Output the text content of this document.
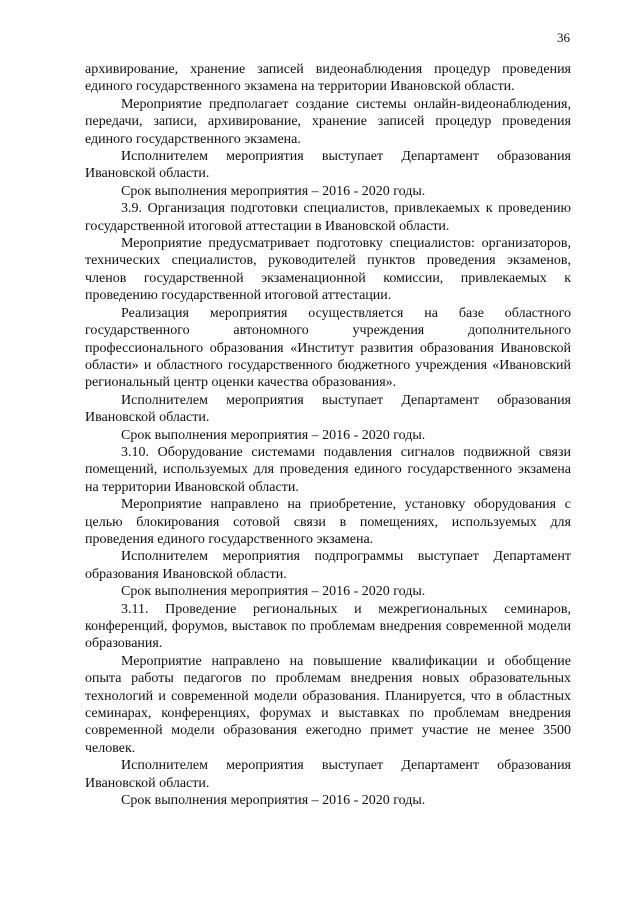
36

архивирование, хранение записей видеонаблюдения процедур проведения единого государственного экзамена на территории Ивановской области.

Мероприятие предполагает создание системы онлайн-видеонаблюдения, передачи, записи, архивирование, хранение записей процедур проведения единого государственного экзамена.

Исполнителем мероприятия выступает Департамент образования Ивановской области.

Срок выполнения мероприятия – 2016 - 2020 годы.

3.9. Организация подготовки специалистов, привлекаемых к проведению государственной итоговой аттестации в Ивановской области.

Мероприятие предусматривает подготовку специалистов: организаторов, технических специалистов, руководителей пунктов проведения экзаменов, членов государственной экзаменационной комиссии, привлекаемых к проведению государственной итоговой аттестации.

Реализация мероприятия осуществляется на базе областного государственного автономного учреждения дополнительного профессионального образования «Институт развития образования Ивановской области» и областного государственного бюджетного учреждения «Ивановский региональный центр оценки качества образования».

Исполнителем мероприятия выступает Департамент образования Ивановской области.

Срок выполнения мероприятия – 2016 - 2020 годы.

3.10. Оборудование системами подавления сигналов подвижной связи помещений, используемых для проведения единого государственного экзамена на территории Ивановской области.

Мероприятие направлено на приобретение, установку оборудования с целью блокирования сотовой связи в помещениях, используемых для проведения единого государственного экзамена.

Исполнителем мероприятия подпрограммы выступает Департамент образования Ивановской области.

Срок выполнения мероприятия – 2016 - 2020 годы.

3.11. Проведение региональных и межрегиональных семинаров, конференций, форумов, выставок по проблемам внедрения современной модели образования.

Мероприятие направлено на повышение квалификации и обобщение опыта работы педагогов по проблемам внедрения новых образовательных технологий и современной модели образования. Планируется, что в областных семинарах, конференциях, форумах и выставках по проблемам внедрения современной модели образования ежегодно примет участие не менее 3500 человек.

Исполнителем мероприятия выступает Департамент образования Ивановской области.

Срок выполнения мероприятия – 2016 - 2020 годы.
